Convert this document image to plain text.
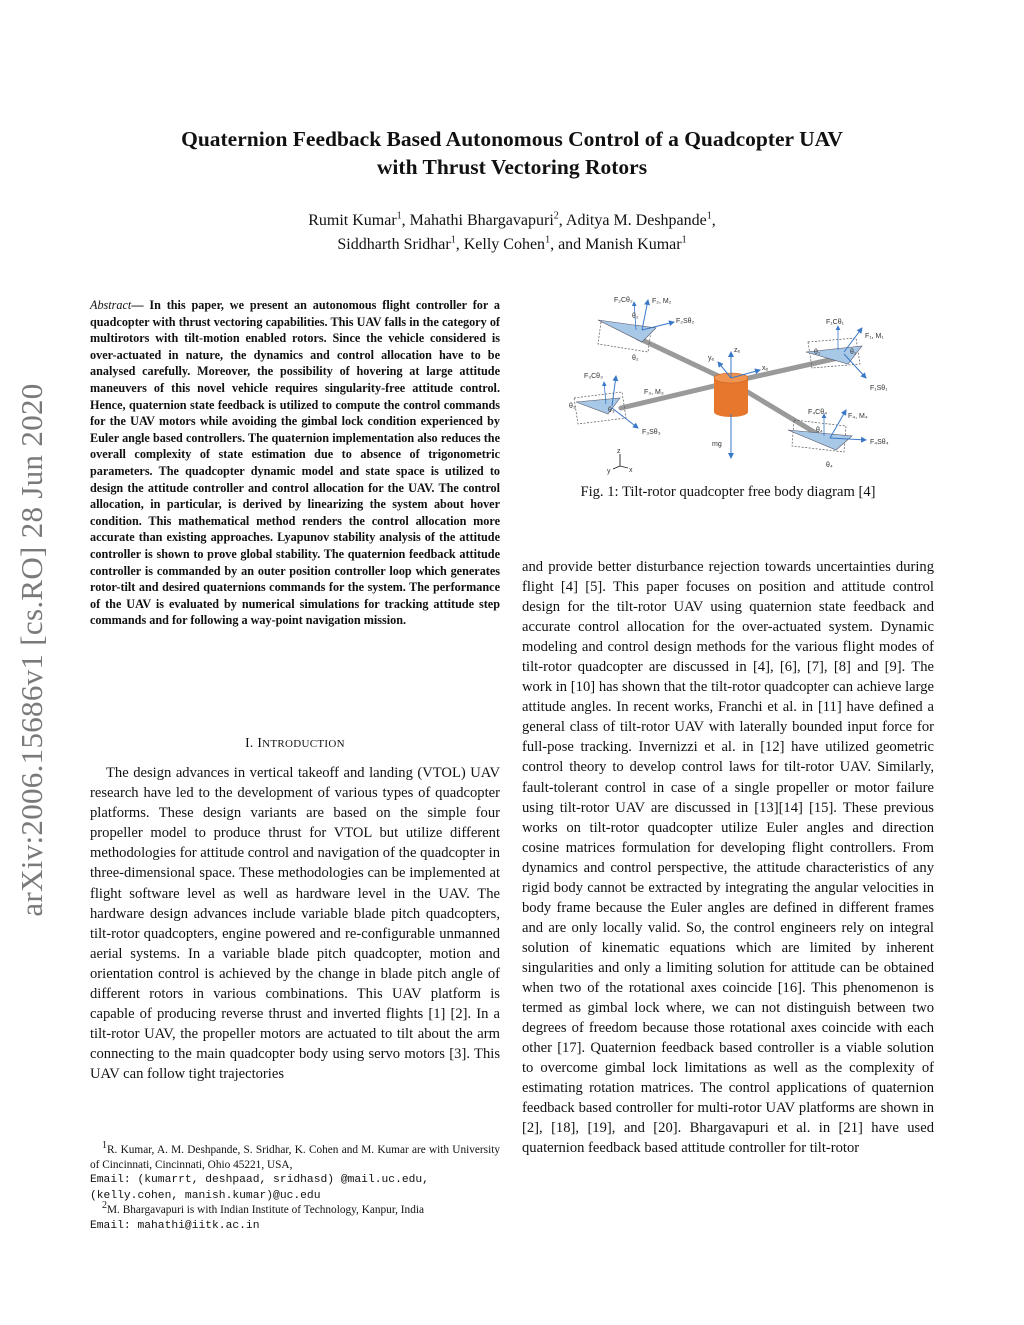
arXiv:2006.15686v1 [cs.RO] 28 Jun 2020
Quaternion Feedback Based Autonomous Control of a Quadcopter UAV
with Thrust Vectoring Rotors
Rumit Kumar$^1$, Mahathi Bhargavapuri$^2$, Aditya M. Deshpande$^1$,
Siddharth Sridhar$^1$, Kelly Cohen$^1$, and Manish Kumar$^1$
Abstract— In this paper, we present an autonomous flight controller for a quadcopter with thrust vectoring capabilities. This UAV falls in the category of multirotors with tilt-motion enabled rotors. Since the vehicle considered is over-actuated in nature, the dynamics and control allocation have to be analysed carefully. Moreover, the possibility of hovering at large attitude maneuvers of this novel vehicle requires singularity-free attitude control. Hence, quaternion state feedback is utilized to compute the control commands for the UAV motors while avoiding the gimbal lock condition experienced by Euler angle based controllers. The quaternion implementation also reduces the overall complexity of state estimation due to absence of trigonometric parameters. The quadcopter dynamic model and state space is utilized to design the attitude controller and control allocation for the UAV. The control allocation, in particular, is derived by linearizing the system about hover condition. This mathematical method renders the control allocation more accurate than existing approaches. Lyapunov stability analysis of the attitude controller is shown to prove global stability. The quaternion feedback attitude controller is commanded by an outer position controller loop which generates rotor-tilt and desired quaternions commands for the system. The performance of the UAV is evaluated by numerical simulations for tracking attitude step commands and for following a way-point navigation mission.
I. INTRODUCTION
The design advances in vertical takeoff and landing (VTOL) UAV research have led to the development of various types of quadcopter platforms. These design variants are based on the simple four propeller model to produce thrust for VTOL but utilize different methodologies for attitude control and navigation of the quadcopter in three-dimensional space. These methodologies can be implemented at flight software level as well as hardware level in the UAV. The hardware design advances include variable blade pitch quadcopters, tilt-rotor quadcopters, engine powered and re-configurable unmanned aerial systems. In a variable blade pitch quadcopter, motion and orientation control is achieved by the change in blade pitch angle of different rotors in various combinations. This UAV platform is capable of producing reverse thrust and inverted flights [1] [2]. In a tilt-rotor UAV, the propeller motors are actuated to tilt about the arm connecting to the main quadcopter body using servo motors [3]. This UAV can follow tight trajectories

$^1$R. Kumar, A. M. Deshpande, S. Sridhar, K. Cohen and M. Kumar are with University of Cincinnati, Cincinnati, Ohio 45221, USA,
Email: (kumarrt, deshpaad, sridhasd) @mail.uc.edu,
(kelly.cohen, manish.kumar)@uc.edu

$^2$M. Bhargavapuri is with Indian Institute of Technology, Kanpur, India
Email: mahathi@iitk.ac.in

F₂Cθ₂	F₂, M₂
F₂Sθ₂
θ₂
θ₂
F₃Cθ₃
F₃, M₃
F₃Sθ₃
θ₃
θ₃
F₁Cθ₁
F₁, M₁
F₁Sθ₁
θ₁	θ₁
F₄Cθ₄
F₄, M₄
F₄Sθ₄
θ₄
θ₄
zₑ
xₑ
yₑ
mg
z
x
y
Fig. 1: Tilt-rotor quadcopter free body diagram [4]
and provide better disturbance rejection towards uncertainties during flight [4] [5]. This paper focuses on position and attitude control design for the tilt-rotor UAV using quaternion state feedback and accurate control allocation for the over-actuated system. Dynamic modeling and control design methods for the various flight modes of tilt-rotor quadcopter are discussed in [4], [6], [7], [8] and [9]. The work in [10] has shown that the tilt-rotor quadcopter can achieve large attitude angles. In recent works, Franchi et al. in [11] have defined a general class of tilt-rotor UAV with laterally bounded input force for full-pose tracking. Invernizzi et al. in [12] have utilized geometric control theory to develop control laws for tilt-rotor UAV. Similarly, fault-tolerant control in case of a single propeller or motor failure using tilt-rotor UAV are discussed in [13][14] [15]. These previous works on tilt-rotor quadcopter utilize Euler angles and direction cosine matrices formulation for developing flight controllers. From dynamics and control perspective, the attitude characteristics of any rigid body cannot be extracted by integrating the angular velocities in body frame because the Euler angles are defined in different frames and are only locally valid. So, the control engineers rely on integral solution of kinematic equations which are limited by inherent singularities and only a limiting solution for attitude can be obtained when two of the rotational axes coincide [16]. This phenomenon is termed as gimbal lock where, we can not distinguish between two degrees of freedom because those rotational axes coincide with each other [17]. Quaternion feedback based controller is a viable solution to overcome gimbal lock limitations as well as the complexity of estimating rotation matrices. The control applications of quaternion feedback based controller for multi-rotor UAV platforms are shown in [2], [18], [19], and [20]. Bhargavapuri et al. in [21] have used quaternion feedback based attitude controller for tilt-rotor
